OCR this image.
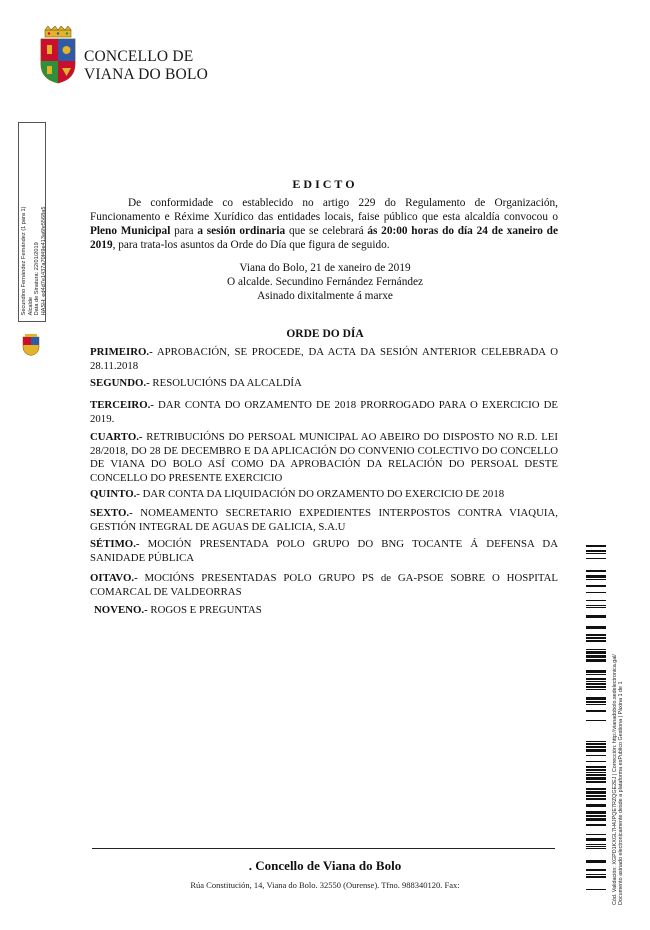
CONCELLO DE
VIANA DO BOLO
Secundino Fernández Fernández (1 para 1) Alcalde Data de Sinatura: 22/01/2019 HASH: ed4d7e1437a70f49e413a6fe5568a5
EDICTO

De conformidade co establecido no artigo 229 do Regulamento de Organización, Funcionamento e Réxime Xurídico das entidades locais, faise público que esta alcaldía convocou o Pleno Municipal para a sesión ordinaria que se celebrará ás 20:00 horas do día 24 de xaneiro de 2019, para trata-los asuntos da Orde do Día que figura de seguido.

Viana do Bolo, 21 de xaneiro de 2019
O alcalde. Secundino Fernández Fernández
Asinado dixitalmente á marxe
ORDE DO DÍA

PRIMEIRO.- APROBACIÓN, SE PROCEDE, DA ACTA DA SESIÓN ANTERIOR CELEBRADA O 28.11.2018

SEGUNDO.- RESOLUCIÓNS DA ALCALDÍA

TERCEIRO.- DAR CONTA DO ORZAMENTO DE 2018 PRORROGADO PARA O EXERCICIO DE 2019.

CUARTO.- RETRIBUCIÓNS DO PERSOAL MUNICIPAL AO ABEIRO DO DISPOSTO NO R.D. LEI 28/2018, DO 28 DE DECEMBRO E DA APLICACIÓN DO CONVENIO COLECTIVO DO CONCELLO DE VIANA DO BOLO ASÍ COMO DA APROBACIÓN DA RELACIÓN DO PERSOAL DESTE CONCELLO DO PRESENTE EXERCICIO

QUINTO.- DAR CONTA DA LIQUIDACIÓN DO ORZAMENTO DO EXERCICIO DE 2018

SEXTO.- NOMEAMENTO SECRETARIO EXPEDIENTES INTERPOSTOS CONTRA VIAQUIA, GESTIÓN INTEGRAL DE AGUAS DE GALICIA, S.A.U

SÉTIMO.- MOCIÓN PRESENTADA POLO GRUPO DO BNG TOCANTE Á DEFENSA DA SANIDADE PÚBLICA

OITAVO.- MOCIÓNS PRESENTADAS POLO GRUPO PS de GA-PSOE SOBRE O HOSPITAL COMARCAL DE VALDEORRAS

NOVENO.- ROGOS E PREGUNTAS

. Concello de Viana do Bolo
Rúa Constitución, 14, Viana do Bolo. 32550 (Ourense). Tfno. 988340120. Fax:	Cód. Validación: XGPD1KXGL7H4JPQE7RZQGE2EJ | Corrección: http://vianadobolo.sedelectronica.gal/ Documento asinado electronicamente desde a plataforma esPublico Gestiona | Páxina 1 de 1
